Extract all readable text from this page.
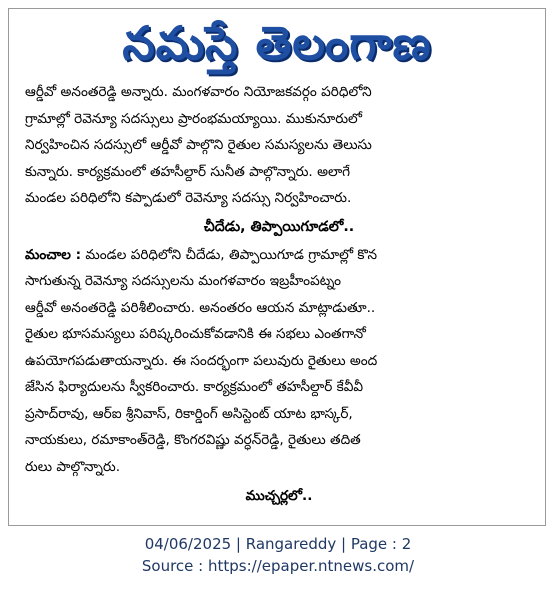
నమస్తే తెలంగాణ
ఆర్డీవో అనంతరెడ్డి అన్నారు. మంగళవారం నియోజకవర్గం పరిధిలోని
గ్రామాల్లో రెవెన్యూ సదస్సులు ప్రారంభమయ్యాయి. ముకునూరులో
నిర్వహించిన సదస్సులో ఆర్డీవో పాల్గొని రైతుల సమస్యలను తెలుసు
కున్నారు. కార్యక్రమంలో తహసీల్దార్ సునీత పాల్గొన్నారు. అలాగే
మండల పరిధిలోని కప్పాడులో రెవెన్యూ సదస్సు నిర్వహించారు.
చీదేడు, తిప్పాయిగూడలో..
మంచాల : మండల పరిధిలోని చీదేడు, తిప్పాయిగూడ గ్రామాల్లో కొన
సాగుతున్న రెవెన్యూ సదస్సులను మంగళవారం ఇబ్రహీంపట్నం
ఆర్డీవో అనంతరెడ్డి పరిశీలించారు. అనంతరం ఆయన మాట్లాడుతూ..
రైతుల భూసమస్యలు పరిష్కరించుకోవడానికి ఈ సభలు ఎంతగానో
ఉపయోగపడుతాయన్నారు. ఈ సందర్భంగా పలువురు రైతులు అంద
జేసిన ఫిర్యాదులను స్వీకరించారు. కార్యక్రమంలో తహసీల్దార్ కేవీవీ
ప్రసాద్‌రావు, ఆర్ఐ శ్రీనివాస్, రికార్డింగ్ అసిస్టెంట్ యాట భాస్కర్,
నాయకులు, రమాకాంత్‌రెడ్డి, కొంగరవిష్ణు వర్ధన్‌రెడ్డి, రైతులు తదిత
రులు పాల్గొన్నారు.
ముచ్చర్లలో..
04/06/2025 | Rangareddy | Page : 2
Source : https://epaper.ntnews.com/
